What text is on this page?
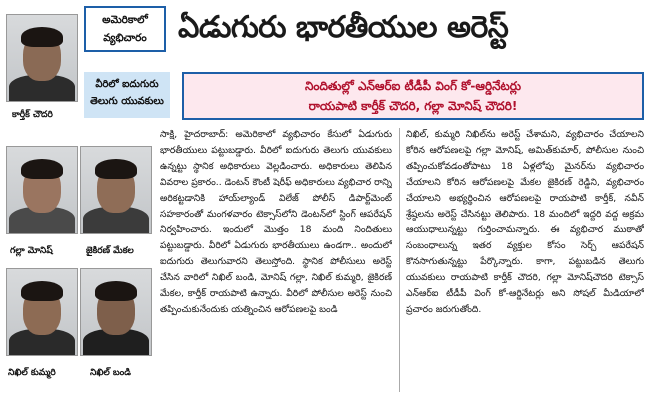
కార్తీక్ చౌదరి
గల్లా మోనిష్	జైకిరణ్ మేకల
నిఖిల్ కుమ్మరి	నిఖిల్ బండి
అమెరికాలో
వ్యభిచారం	ఏడుగురు భారతీయుల అరెస్ట్
వీరిలో ఐదుగురు
తెలుగు యువకులు
నిందితుల్లో ఎన్ఆర్ఐ టీడీపీ వింగ్ కో-ఆర్డినేటర్లు
రాయపాటి కార్తీక్ చౌదరి, గల్లా మోనిష్ చౌదరి!

సాక్షి, హైదరాబాద్: అమెరికాలో వ్యభిచారం కేసులో ఏడుగురు భారతీయులు పట్టుబడ్డారు. వీరిలో ఐదుగురు తెలుగు యువకులు ఉన్నట్టు స్థానిక అధికారులు వెల్లడించారు. అధికారులు తెలిపిన వివరాల ప్రకారం.. డెంటన్ కౌంటీ షెరీఫ్ అధికారులు వ్యభిచార రాన్ని అరికట్టడానికి హాయ్‌ల్యాండ్ విలేజ్ పోలీస్ డిపార్ట్‌మెంట్ సహకారంతో మంగళవారం టెక్సాస్‌లోని డెంటన్‌లో స్టింగ్ ఆపరేషన్ నిర్వహించారు. ఇందులో మొత్తం 18 మంది నిందితులు పట్టుబడ్డారు. వీరిలో ఏడుగురు భారతీయులు ఉండగా.. అందులో ఐదుగురు తెలుగువారని తెలుస్తోంది. స్థానిక పోలీసులు అరెస్ట్ చేసిన వారిలో నిఖిల్ బండి, మోనిష్ గల్లా, నిఖిల్ కుమ్మరి, జైకిరణ్ మేకల, కార్తీక్ రాయపాటి ఉన్నారు. వీరిలో పోలీసుల అరెస్ట్ నుంచి తప్పించుకునేందుకు యత్నించిన ఆరోపణలపై బండి

నిఖిల్, కుమ్మరి నిఖిల్‌ను అరెస్ట్ చేశామని, వ్యభిచారం చేయాలని కోరిన ఆరోపణలపై గల్లా మోనిష్, అమిత్‌కుమార్, పోలీసుల నుంచి తప్పించుకోవడంతోపాటు 18 ఏళ్లలోపు మైనర్‌ను వ్యభిచారం చేయాలని కోరిన ఆరోపణలపై మేకల జైకిరణ్ రెడ్డిని, వ్యభిచారం చేయాలని అభ్యర్థించిన ఆరోపణలపై రాయపాటి కార్తీక్, నవీన్ శ్రేష్ఠలను అరెస్ట్ చేసినట్టు తెలిపారు. 18 మందిలో ఇద్దరి వద్ద అక్రమ ఆయుధాలున్నట్టు గుర్తించామన్నారు. ఈ వ్యభిచార ముఠాతో సంబంధాలున్న ఇతర వ్యక్తుల కోసం సెర్చ్ ఆపరేషన్ కొనసాగుతున్నట్టు పేర్కొన్నారు. కాగా, పట్టుబడిన తెలుగు యువకులు రాయపాటి కార్తీక్ చౌదరి, గల్లా మోనిష్‌చౌదరి టెక్సాస్ ఎన్ఆర్ఐ టీడీపీ వింగ్ కో-ఆర్డినేటర్లు అని సోషల్ మీడియాలో ప్రచారం జరుగుతోంది.
